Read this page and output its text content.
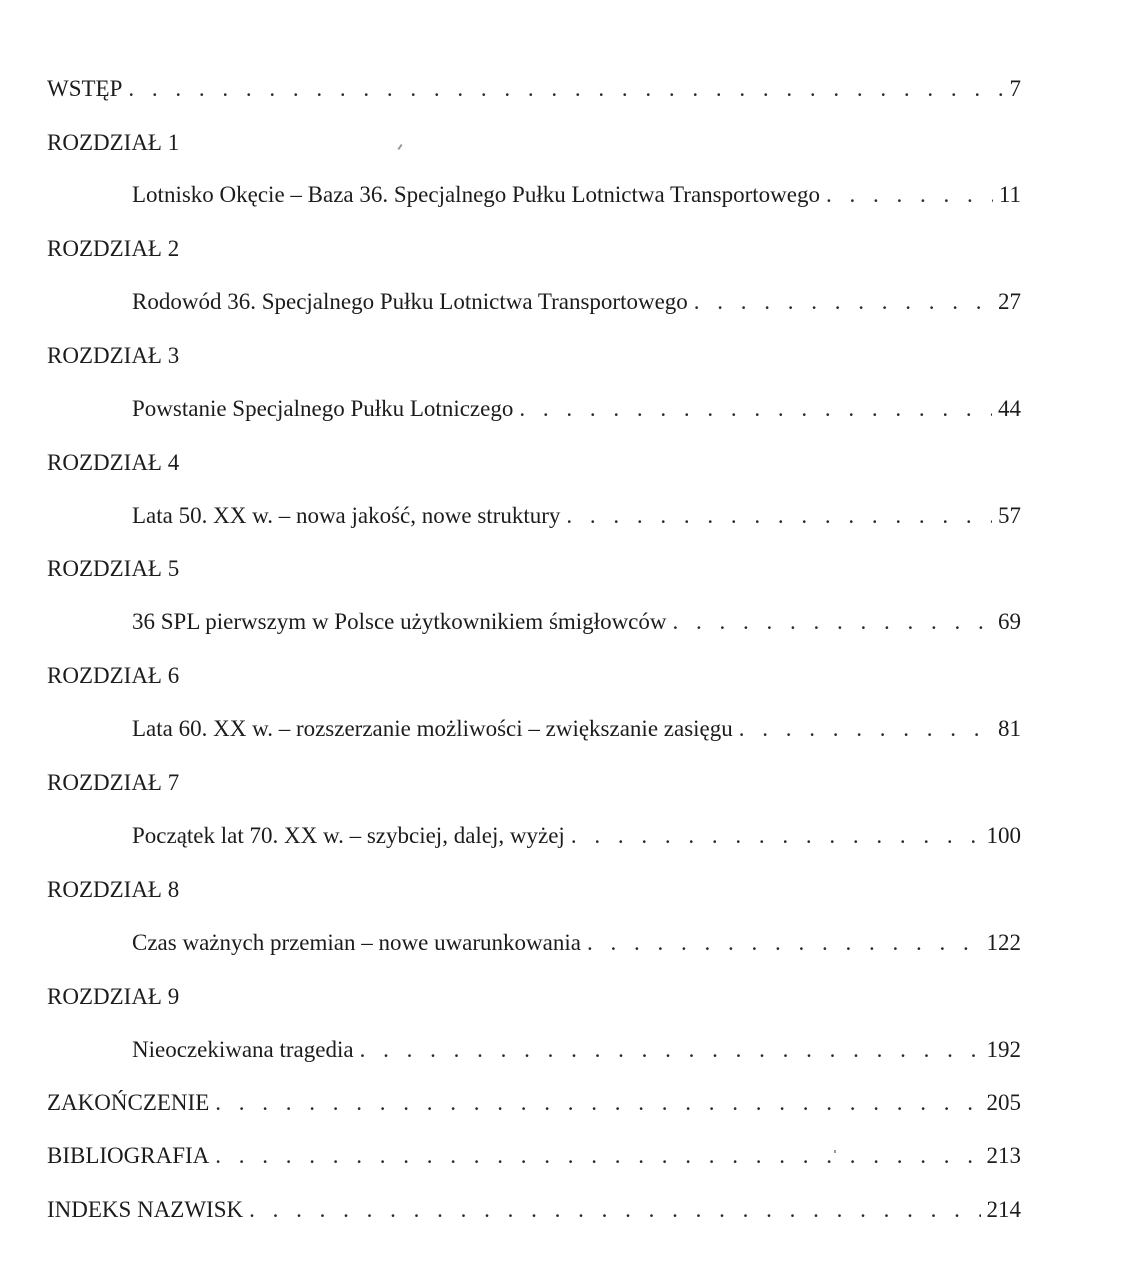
WSTĘP . . .	7
ROZDZIAŁ 1
Lotnisko Okęcie – Baza 36. Specjalnego Pułku Lotnictwa Transportowego . . .	11
ROZDZIAŁ 2
Rodowód 36. Specjalnego Pułku Lotnictwa Transportowego . . .	27
ROZDZIAŁ 3
Powstanie Specjalnego Pułku Lotniczego . . .	44
ROZDZIAŁ 4
Lata 50. XX w. – nowa jakość, nowe struktury . . .	57
ROZDZIAŁ 5
36 SPL pierwszym w Polsce użytkownikiem śmigłowców . . .	69
ROZDZIAŁ 6
Lata 60. XX w. – rozszerzanie możliwości – zwiększanie zasięgu . . .	81
ROZDZIAŁ 7
Początek lat 70. XX w. – szybciej, dalej, wyżej . . .	100
ROZDZIAŁ 8
Czas ważnych przemian – nowe uwarunkowania . . .	122
ROZDZIAŁ 9
Nieoczekiwana tragedia . . .	192
ZAKOŃCZENIE . . .	205
BIBLIOGRAFIA . . .	213
INDEKS NAZWISK . . .	214
